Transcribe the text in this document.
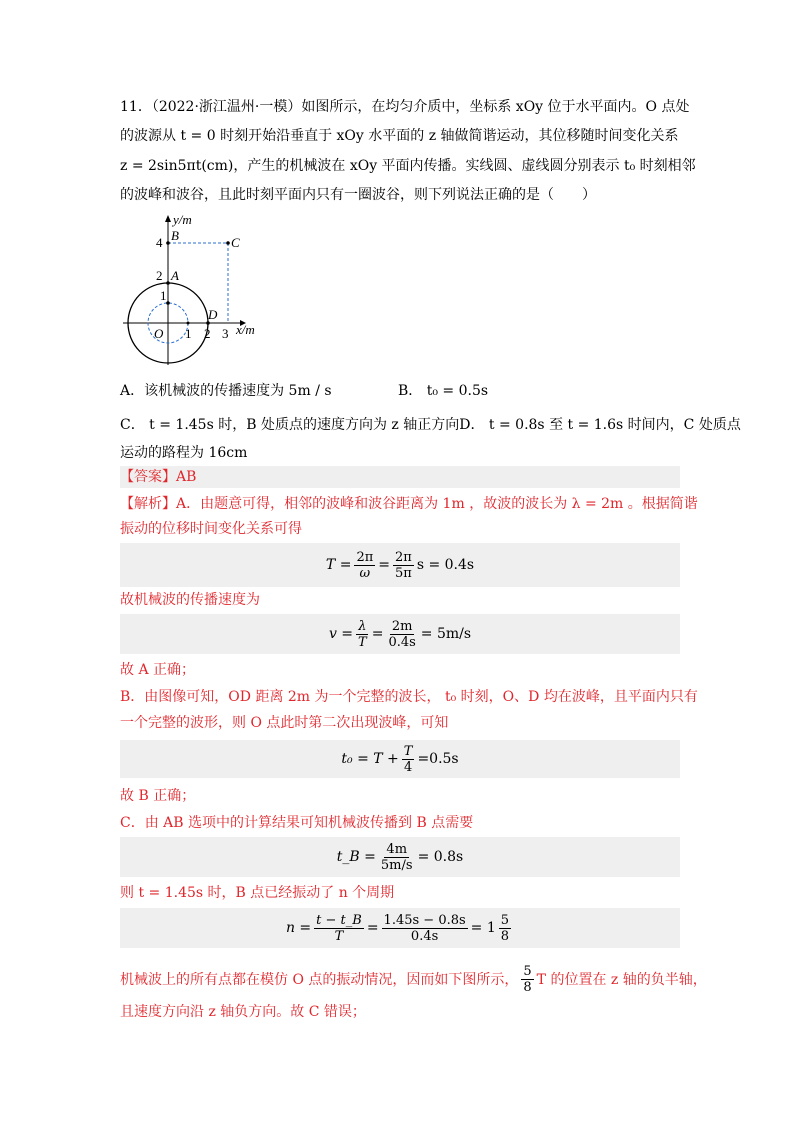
11．（2022·浙江温州·一模）如图所示，在均匀介质中，坐标系 xOy 位于水平面内。O 点处
的波源从 t = 0 时刻开始沿垂直于 xOy 水平面的 z 轴做简谐运动，其位移随时间变化关系
z = 2sin5πt(cm)，产生的机械波在 xOy 平面内传播。实线圆、虚线圆分别表示 t₀ 时刻相邻
的波峰和波谷，且此时刻平面内只有一圈波谷，则下列说法正确的是（　　）
y/m
x/m
O
4
2
1
1 2 3
A
B	C
D
A．该机械波的传播速度为 5m / s	B． t₀ = 0.5s
C． t = 1.45s 时，B 处质点的速度方向为 z 轴正方向D． t = 0.8s 至 t = 1.6s 时间内，C 处质点
运动的路程为 16cm
【答案】AB
【解析】A．由题意可得，相邻的波峰和波谷距离为 1m ，故波的波长为 λ = 2m 。根据简谐
振动的位移时间变化关系可得
$T = \frac{2\pi}{\omega} = \frac{2\pi}{5\pi}$ s = 0.4s
故机械波的传播速度为
$v = \frac{\lambda}{T} = \frac{2m}{0.4s} = 5m/s$
故 A 正确；
B．由图像可知，OD 距离 2m 为一个完整的波长， t₀ 时刻，O、D 均在波峰，且平面内只有
一个完整的波形，则 O 点此时第二次出现波峰，可知
$t_0 = T + \frac{T}{4} =0.5s$
故 B 正确；
C．由 AB 选项中的计算结果可知机械波传播到 B 点需要
t_B = $\frac{4m}{5m/s} = 0.8s$
则 t = 1.45s 时，B 点已经振动了 n 个周期
$n = \frac{t - t\_B}{T} = \frac{1.45s - 0.8s}{0.4s} = 1 \frac{5}{8}$
机械波上的所有点都在模仿 O 点的振动情况，因而如下图所示， $\frac{5}{8}$ T 的位置在 z 轴的负半轴，
且速度方向沿 z 轴负方向。故 C 错误；
